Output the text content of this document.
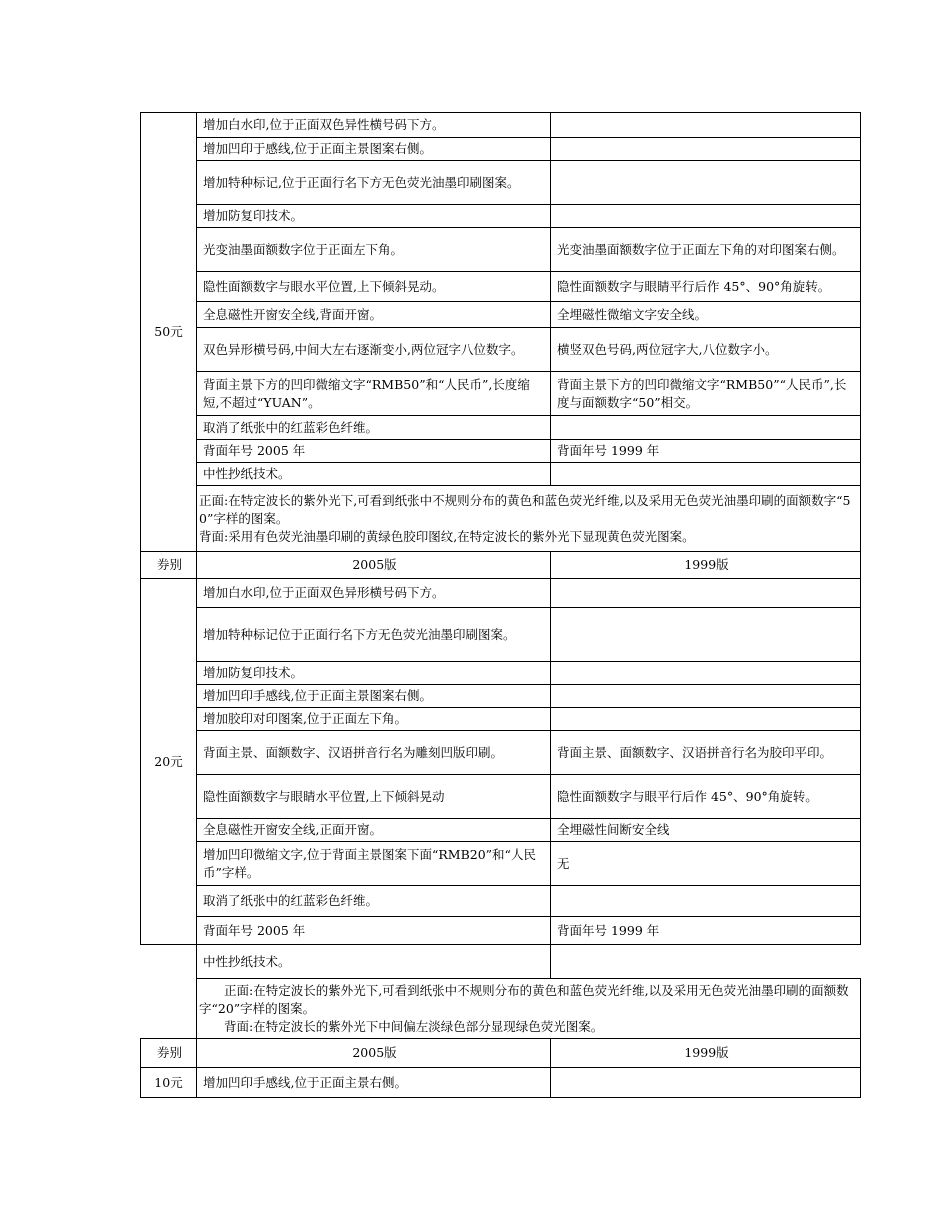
50元	增加白水印,位于正面双色异性横号码下方。	
	增加凹印于感线,位于正面主景图案右侧。	
	增加特种标记,位于正面行名下方无色荧光油墨印刷图案。	
	增加防复印技术。	
	光变油墨面额数字位于正面左下角。	光变油墨面额数字位于正面左下角的对印图案右侧。
	隐性面额数字与眼水平位置,上下倾斜晃动。	隐性面额数字与眼睛平行后作 45°、90°角旋转。
	全息磁性开窗安全线,背面开窗。	全埋磁性微缩文字安全线。
	双色异形横号码,中间大左右逐渐变小,两位冠字八位数字。	横竖双色号码,两位冠字大,八位数字小。
	背面主景下方的凹印微缩文字“RMB50”和“人民币”,长度缩短,不超过“YUAN”。	背面主景下方的凹印微缩文字“RMB50”“人民币”,长度与面额数字“50”相交。
	取消了纸张中的红蓝彩色纤维。	
	背面年号 2005 年	背面年号 1999 年
	中性抄纸技术。	

	正面:在特定波长的紫外光下,可看到纸张中不规则分布的黄色和蓝色荧光纤维,以及采用无色荧光油墨印刷的面额数字“50”字样的图案。
背面:采用有色荧光油墨印刷的黄绿色胶印图纹,在特定波长的紫外光下显现黄色荧光图案。	

券别	2005版	1999版
20元	增加白水印,位于正面双色异形横号码下方。	
	增加特种标记位于正面行名下方无色荧光油墨印刷图案。	
	增加防复印技术。	
	增加凹印手感线,位于正面主景图案右侧。	
	增加胶印对印图案,位于正面左下角。	
	背面主景、面额数字、汉语拼音行名为雕刻凹版印刷。	背面主景、面额数字、汉语拼音行名为胶印平印。
	隐性面额数字与眼睛水平位置,上下倾斜晃动	隐性面额数字与眼平行后作 45°、90°角旋转。
	全息磁性开窗安全线,正面开窗。	全埋磁性间断安全线
	增加凹印微缩文字,位于背面主景图案下面“RMB20”和“人民币”字样。	无
	取消了纸张中的红蓝彩色纤维。	
	背面年号 2005 年	背面年号 1999 年
	中性抄纸技术。	

	正面:在特定波长的紫外光下,可看到纸张中不规则分布的黄色和蓝色荧光纤维,以及采用无色荧光油墨印刷的面额数字“20”字样的图案。
背面:在特定波长的紫外光下中间偏左淡绿色部分显现绿色荧光图案。	

券别	2005版	1999版
10元	增加凹印手感线,位于正面主景右侧。	
